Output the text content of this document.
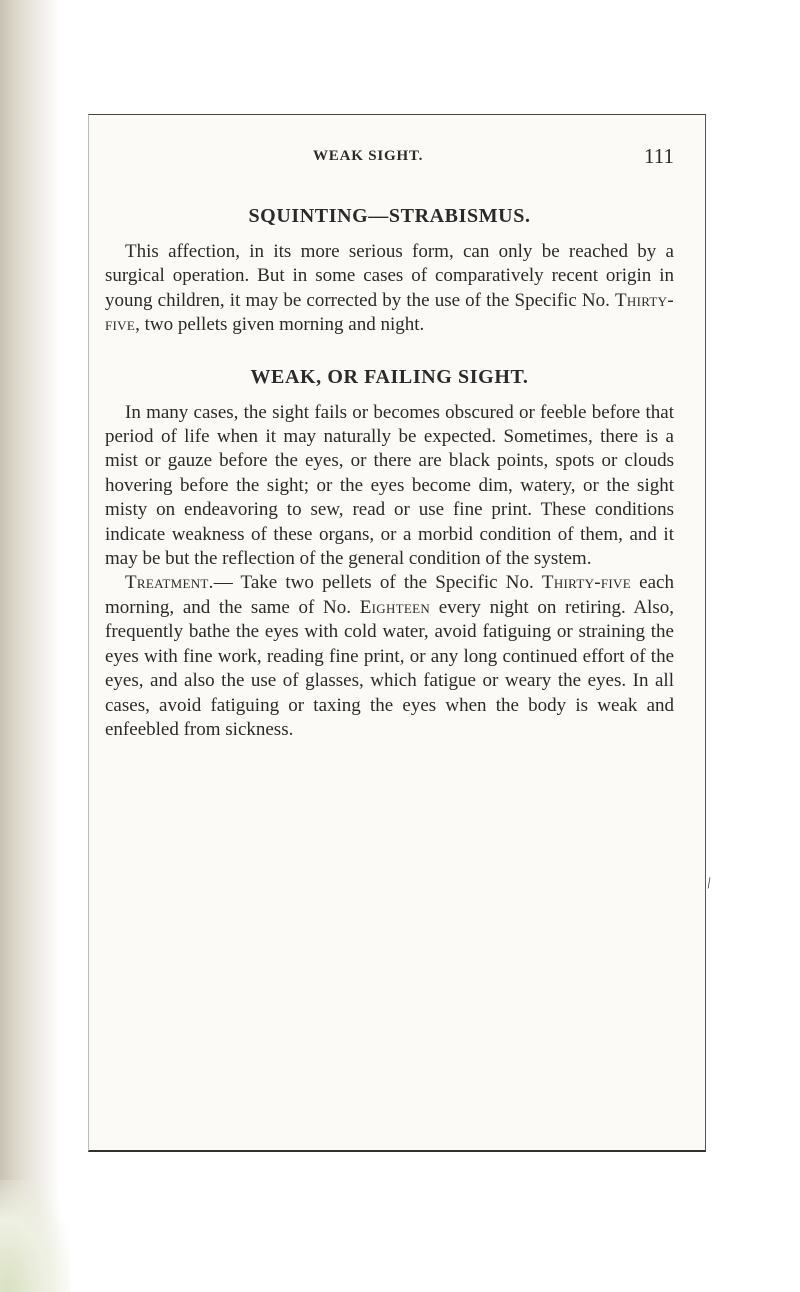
WEAK SIGHT.	111
SQUINTING—STRABISMUS.

This affection, in its more serious form, can only be reached by a surgical operation. But in some cases of comparatively recent origin in young children, it may be corrected by the use of the Specific No. Thirty-five, two pellets given morning and night.

WEAK, OR FAILING SIGHT.

In many cases, the sight fails or becomes obscured or feeble before that period of life when it may naturally be expected. Sometimes, there is a mist or gauze before the eyes, or there are black points, spots or clouds hovering before the sight; or the eyes become dim, watery, or the sight misty on endeavoring to sew, read or use fine print. These conditions indicate weakness of these organs, or a morbid condition of them, and it may be but the reflection of the general condition of the system.

Treatment.— Take two pellets of the Specific No. Thirty-five each morning, and the same of No. Eighteen every night on retiring. Also, frequently bathe the eyes with cold water, avoid fatiguing or straining the eyes with fine work, reading fine print, or any long continued effort of the eyes, and also the use of glasses, which fatigue or weary the eyes. In all cases, avoid fatiguing or taxing the eyes when the body is weak and enfeebled from sickness.

/
